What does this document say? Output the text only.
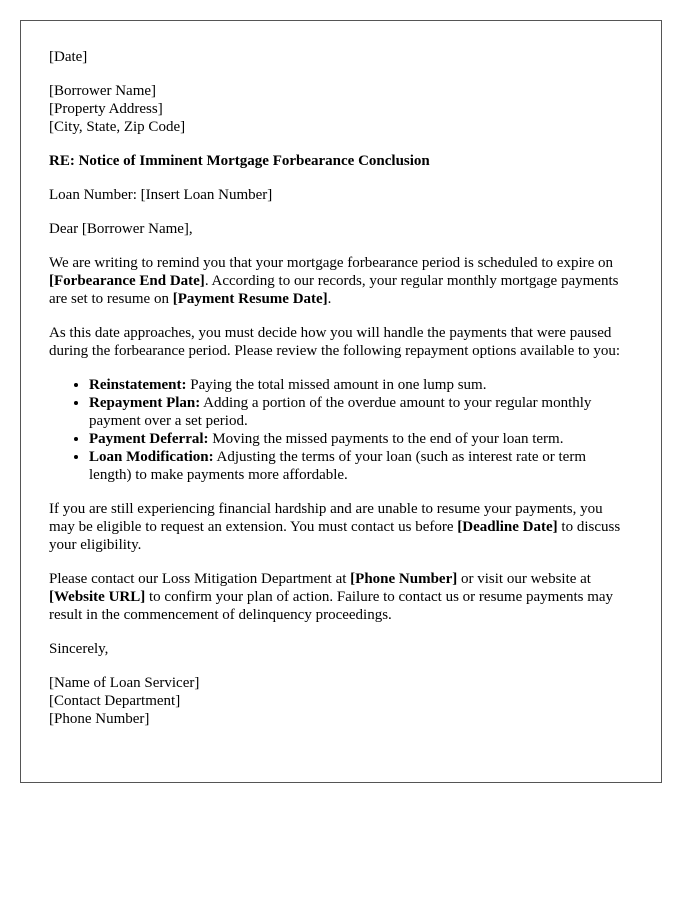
[Date]

[Borrower Name]
[Property Address]
[City, State, Zip Code]

RE: Notice of Imminent Mortgage Forbearance Conclusion

Loan Number: [Insert Loan Number]

Dear [Borrower Name],

We are writing to remind you that your mortgage forbearance period is scheduled to expire on [Forbearance End Date]. According to our records, your regular monthly mortgage payments are set to resume on [Payment Resume Date].

As this date approaches, you must decide how you will handle the payments that were paused during the forbearance period. Please review the following repayment options available to you:

• Reinstatement: Paying the total missed amount in one lump sum.
• Repayment Plan: Adding a portion of the overdue amount to your regular monthly payment over a set period.
• Payment Deferral: Moving the missed payments to the end of your loan term.
• Loan Modification: Adjusting the terms of your loan (such as interest rate or term length) to make payments more affordable.

If you are still experiencing financial hardship and are unable to resume your payments, you may be eligible to request an extension. You must contact us before [Deadline Date] to discuss your eligibility.

Please contact our Loss Mitigation Department at [Phone Number] or visit our website at [Website URL] to confirm your plan of action. Failure to contact us or resume payments may result in the commencement of delinquency proceedings.

Sincerely,

[Name of Loan Servicer]
[Contact Department]
[Phone Number]
